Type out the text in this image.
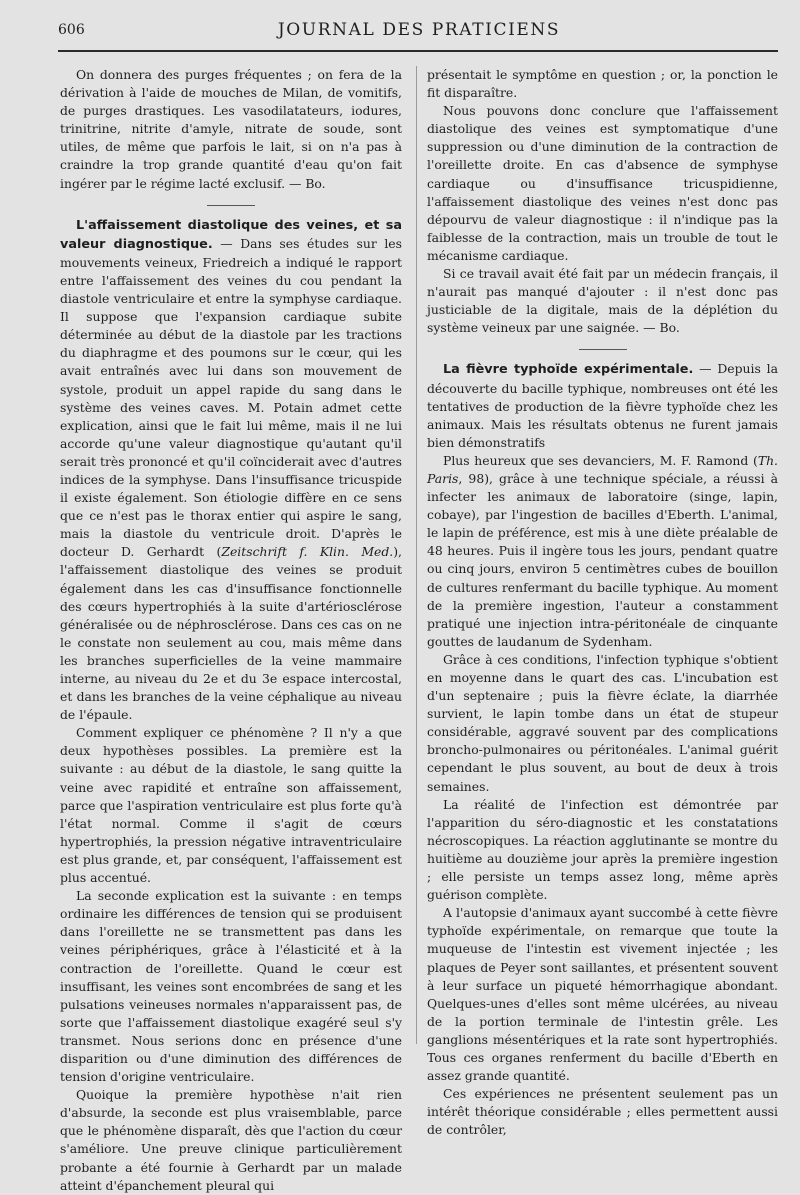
606	JOURNAL DES PRATICIENS

On donnera des purges fréquentes ; on fera de la dérivation à l'aide de mouches de Milan, de vomitifs, de purges drastiques. Les vasodilatateurs, iodures, trinitrine, nitrite d'amyle, nitrate de soude, sont utiles, de même que parfois le lait, si on n'a pas à craindre la trop grande quantité d'eau qu'on fait ingérer par le régime lacté exclusif. — Bo.

L'affaissement diastolique des veines, et sa valeur diagnostique. — Dans ses études sur les mouvements veineux, Friedreich a indiqué le rapport entre l'affaissement des veines du cou pendant la diastole ventriculaire et entre la symphyse cardiaque. Il suppose que l'expansion cardiaque subite déterminée au début de la diastole par les tractions du diaphragme et des poumons sur le cœur, qui les avait entraînés avec lui dans son mouvement de systole, produit un appel rapide du sang dans le système des veines caves. M. Potain admet cette explication, ainsi que le fait lui même, mais il ne lui accorde qu'une valeur diagnostique qu'autant qu'il serait très prononcé et qu'il coïnciderait avec d'autres indices de la symphyse. Dans l'insuffisance tricuspide il existe également. Son étiologie diffère en ce sens que ce n'est pas le thorax entier qui aspire le sang, mais la diastole du ventricule droit. D'après le docteur D. Gerhardt (Zeitschrift f. Klin. Med.), l'affaissement diastolique des veines se produit également dans les cas d'insuffisance fonctionnelle des cœurs hypertrophiés à la suite d'artériosclérose généralisée ou de néphrosclérose. Dans ces cas on ne le constate non seulement au cou, mais même dans les branches superficielles de la veine mammaire interne, au niveau du 2e et du 3e espace intercostal, et dans les branches de la veine céphalique au niveau de l'épaule.

Comment expliquer ce phénomène ? Il n'y a que deux hypothèses possibles. La première est la suivante : au début de la diastole, le sang quitte la veine avec rapidité et entraîne son affaissement, parce que l'aspiration ventriculaire est plus forte qu'à l'état normal. Comme il s'agit de cœurs hypertrophiés, la pression négative intraventriculaire est plus grande, et, par conséquent, l'affaissement est plus accentué.

La seconde explication est la suivante : en temps ordinaire les différences de tension qui se produisent dans l'oreillette ne se transmettent pas dans les veines périphériques, grâce à l'élasticité et à la contraction de l'oreillette. Quand le cœur est insuffisant, les veines sont encombrées de sang et les pulsations veineuses normales n'apparaissent pas, de sorte que l'affaissement diastolique exagéré seul s'y transmet. Nous serions donc en présence d'une disparition ou d'une diminution des différences de tension d'origine ventriculaire.

Quoique la première hypothèse n'ait rien d'absurde, la seconde est plus vraisemblable, parce que le phénomène disparaît, dès que l'action du cœur s'améliore. Une preuve clinique particulièrement probante a été fournie à Gerhardt par un malade atteint d'épanchement pleural qui

présentait le symptôme en question ; or, la ponction le fit disparaître.

Nous pouvons donc conclure que l'affaissement diastolique des veines est symptomatique d'une suppression ou d'une diminution de la contraction de l'oreillette droite. En cas d'absence de symphyse cardiaque ou d'insuffisance tricuspidienne, l'affaissement diastolique des veines n'est donc pas dépourvu de valeur diagnostique : il n'indique pas la faiblesse de la contraction, mais un trouble de tout le mécanisme cardiaque.

Si ce travail avait été fait par un médecin français, il n'aurait pas manqué d'ajouter : il n'est donc pas justiciable de la digitale, mais de la déplétion du système veineux par une saignée. — Bo.

La fièvre typhoïde expérimentale. — Depuis la découverte du bacille typhique, nombreuses ont été les tentatives de production de la fièvre typhoïde chez les animaux. Mais les résultats obtenus ne furent jamais bien démonstratifs

Plus heureux que ses devanciers, M. F. Ramond (Th. Paris, 98), grâce à une technique spéciale, a réussi à infecter les animaux de laboratoire (singe, lapin, cobaye), par l'ingestion de bacilles d'Eberth. L'animal, le lapin de préférence, est mis à une diète préalable de 48 heures. Puis il ingère tous les jours, pendant quatre ou cinq jours, environ 5 centimètres cubes de bouillon de cultures renfermant du bacille typhique. Au moment de la première ingestion, l'auteur a constamment pratiqué une injection intra-péritonéale de cinquante gouttes de laudanum de Sydenham.

Grâce à ces conditions, l'infection typhique s'obtient en moyenne dans le quart des cas. L'incubation est d'un septenaire ; puis la fièvre éclate, la diarrhée survient, le lapin tombe dans un état de stupeur considérable, aggravé souvent par des complications broncho-pulmonaires ou péritonéales. L'animal guérit cependant le plus souvent, au bout de deux à trois semaines.

La réalité de l'infection est démontrée par l'apparition du séro-diagnostic et les constatations nécroscopiques. La réaction agglutinante se montre du huitième au douzième jour après la première ingestion ; elle persiste un temps assez long, même après guérison complète.

A l'autopsie d'animaux ayant succombé à cette fièvre typhoïde expérimentale, on remarque que toute la muqueuse de l'intestin est vivement injectée ; les plaques de Peyer sont saillantes, et présentent souvent à leur surface un piqueté hémorrhagique abondant. Quelques-unes d'elles sont même ulcérées, au niveau de la portion terminale de l'intestin grêle. Les ganglions mésentériques et la rate sont hypertrophiés. Tous ces organes renferment du bacille d'Eberth en assez grande quantité.

Ces expériences ne présentent seulement pas un intérêt théorique considérable ; elles permettent aussi de contrôler,
